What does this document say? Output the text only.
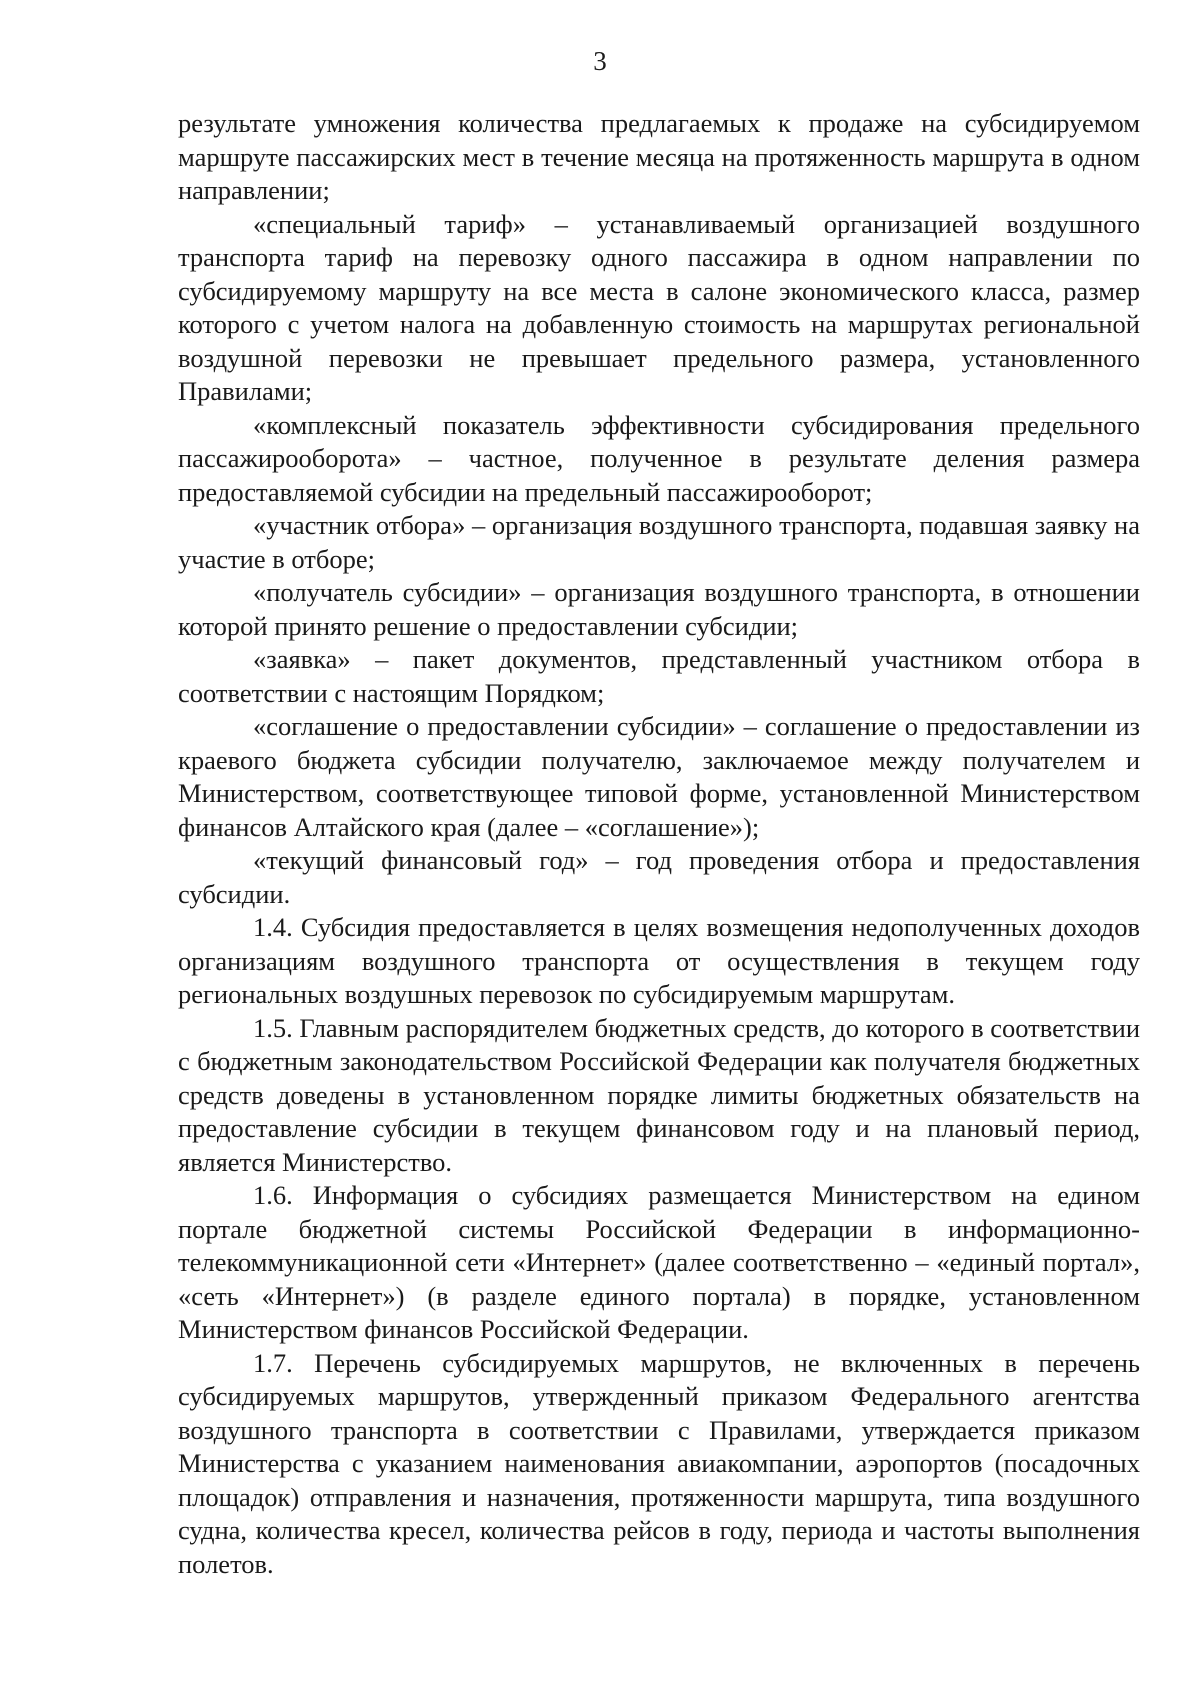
3

результате умножения количества предлагаемых к продаже на субсидируемом маршруте пассажирских мест в течение месяца на протяженность маршрута в одном направлении;

«специальный тариф» – устанавливаемый организацией воздушного транспорта тариф на перевозку одного пассажира в одном направлении по субсидируемому маршруту на все места в салоне экономического класса, размер которого с учетом налога на добавленную стоимость на маршрутах региональной воздушной перевозки не превышает предельного размера, установленного Правилами;

«комплексный показатель эффективности субсидирования предельного пассажирооборота» – частное, полученное в результате деления размера предоставляемой субсидии на предельный пассажирооборот;

«участник отбора» – организация воздушного транспорта, подавшая заявку на участие в отборе;

«получатель субсидии» – организация воздушного транспорта, в отношении которой принято решение о предоставлении субсидии;

«заявка» – пакет документов, представленный участником отбора в соответствии с настоящим Порядком;

«соглашение о предоставлении субсидии» – соглашение о предоставлении из краевого бюджета субсидии получателю, заключаемое между получателем и Министерством, соответствующее типовой форме, установленной Министерством финансов Алтайского края (далее – «соглашение»);

«текущий финансовый год» – год проведения отбора и предоставления субсидии.

1.4. Субсидия предоставляется в целях возмещения недополученных доходов организациям воздушного транспорта от осуществления в текущем году региональных воздушных перевозок по субсидируемым маршрутам.

1.5. Главным распорядителем бюджетных средств, до которого в соответствии с бюджетным законодательством Российской Федерации как получателя бюджетных средств доведены в установленном порядке лимиты бюджетных обязательств на предоставление субсидии в текущем финансовом году и на плановый период, является Министерство.

1.6. Информация о субсидиях размещается Министерством на едином портале бюджетной системы Российской Федерации в информационно-телекоммуникационной сети «Интернет» (далее соответственно – «единый портал», «сеть «Интернет») (в разделе единого портала) в порядке, установленном Министерством финансов Российской Федерации.

1.7. Перечень субсидируемых маршрутов, не включенных в перечень субсидируемых маршрутов, утвержденный приказом Федерального агентства воздушного транспорта в соответствии с Правилами, утверждается приказом Министерства с указанием наименования авиакомпании, аэропортов (посадочных площадок) отправления и назначения, протяженности маршрута, типа воздушного судна, количества кресел, количества рейсов в году, периода и частоты выполнения полетов.
